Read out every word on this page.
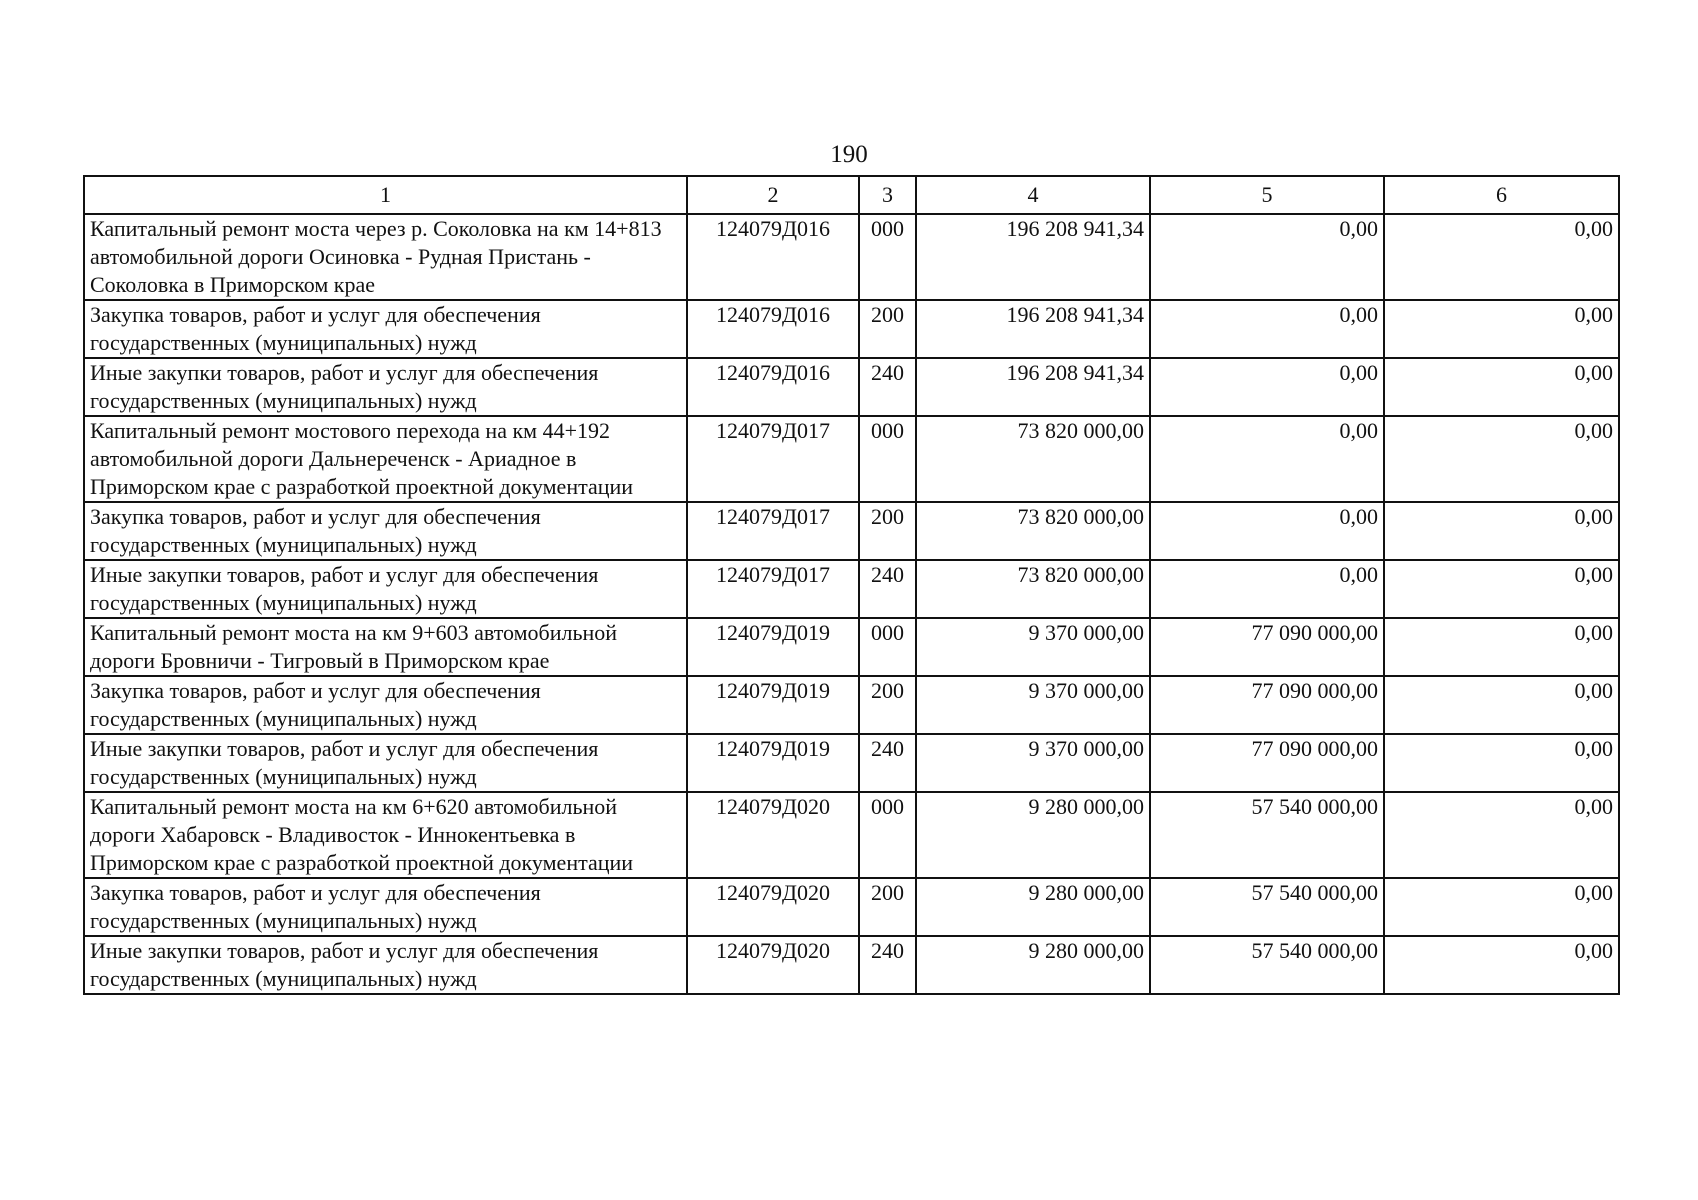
190
1	2	3	4	5	6
Капитальный ремонт моста через р. Соколовка на км 14+813 автомобильной дороги Осиновка - Рудная Пристань - Соколовка в Приморском крае	124079Д016	000	196 208 941,34	0,00	0,00
Закупка товаров, работ и услуг для обеспечения государственных (муниципальных) нужд	124079Д016	200	196 208 941,34	0,00	0,00
Иные закупки товаров, работ и услуг для обеспечения государственных (муниципальных) нужд	124079Д016	240	196 208 941,34	0,00	0,00
Капитальный ремонт мостового перехода на км 44+192 автомобильной дороги Дальнереченск - Ариадное в Приморском крае с разработкой проектной документации	124079Д017	000	73 820 000,00	0,00	0,00
Закупка товаров, работ и услуг для обеспечения государственных (муниципальных) нужд	124079Д017	200	73 820 000,00	0,00	0,00
Иные закупки товаров, работ и услуг для обеспечения государственных (муниципальных) нужд	124079Д017	240	73 820 000,00	0,00	0,00
Капитальный ремонт моста на км 9+603 автомобильной дороги Бровничи - Тигровый в Приморском крае	124079Д019	000	9 370 000,00	77 090 000,00	0,00
Закупка товаров, работ и услуг для обеспечения государственных (муниципальных) нужд	124079Д019	200	9 370 000,00	77 090 000,00	0,00
Иные закупки товаров, работ и услуг для обеспечения государственных (муниципальных) нужд	124079Д019	240	9 370 000,00	77 090 000,00	0,00
Капитальный ремонт моста на км 6+620 автомобильной дороги Хабаровск - Владивосток - Иннокентьевка в Приморском крае с разработкой проектной документации	124079Д020	000	9 280 000,00	57 540 000,00	0,00
Закупка товаров, работ и услуг для обеспечения государственных (муниципальных) нужд	124079Д020	200	9 280 000,00	57 540 000,00	0,00
Иные закупки товаров, работ и услуг для обеспечения государственных (муниципальных) нужд	124079Д020	240	9 280 000,00	57 540 000,00	0,00
